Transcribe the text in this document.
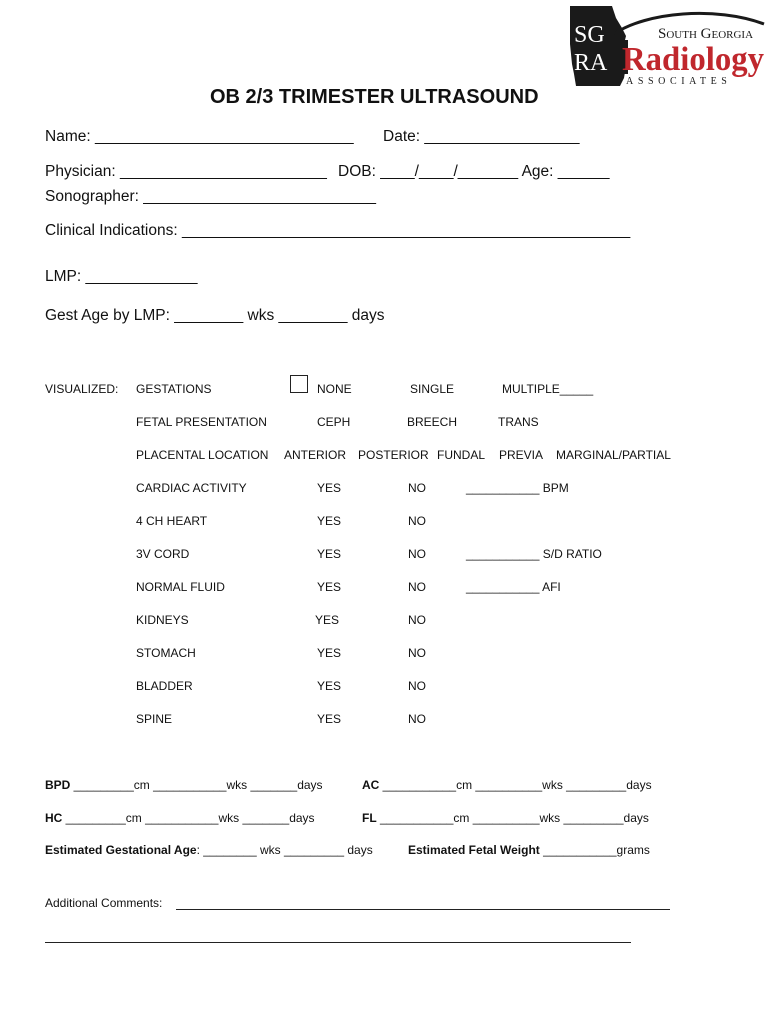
SG
RA
South Georgia
Radiology
ASSOCIATES
OB 2/3 TRIMESTER ULTRASOUND
Name: ______________________________ Date: __________________
Physician: ________________________ DOB: ____/____/_______ Age: ______
Sonographer: ___________________________
Clinical Indications: ____________________________________________________
LMP: _____________
Gest Age by LMP: ________ wks ________ days
VISUALIZED: GESTATIONS	NONE	SINGLE	MULTIPLE_____
FETAL PRESENTATION	CEPH	BREECH	TRANS
PLACENTAL LOCATION ANTERIOR POSTERIOR FUNDAL PREVIA MARGINAL/PARTIAL
CARDIAC ACTIVITY	YES	NO	___________ BPM
4 CH HEART	YES	NO
3V CORD	YES	NO	___________ S/D RATIO
NORMAL FLUID	YES	NO	___________ AFI
KIDNEYS	YES	NO
STOMACH	YES	NO
BLADDER	YES	NO
SPINE	YES	NO
BPD _________cm ___________wks _______days	AC ___________cm __________wks _________days
HC _________cm ___________wks _______days	FL ___________cm __________wks _________days
Estimated Gestational Age: ________ wks _________ days	Estimated Fetal Weight ___________grams
Additional Comments:
